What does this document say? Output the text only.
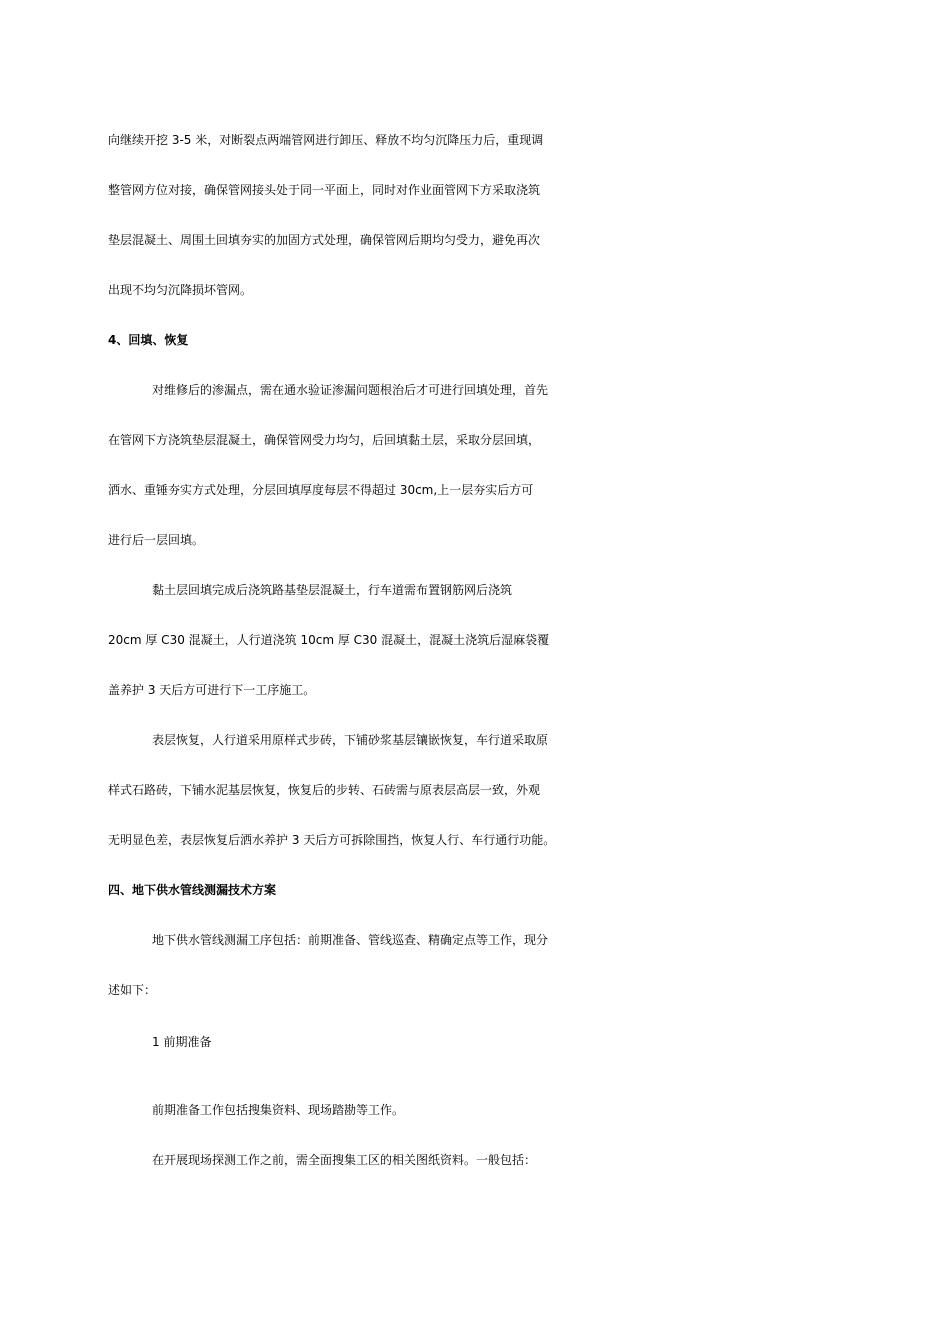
向继续开挖 3-5 米，对断裂点两端管网进行卸压、释放不均匀沉降压力后，重现调
整管网方位对接，确保管网接头处于同一平面上，同时对作业面管网下方采取浇筑
垫层混凝土、周围土回填夯实的加固方式处理，确保管网后期均匀受力，避免再次
出现不均匀沉降损坏管网。
4、回填、恢复
对维修后的渗漏点，需在通水验证渗漏问题根治后才可进行回填处理，首先
在管网下方浇筑垫层混凝土，确保管网受力均匀，后回填黏土层，采取分层回填，
洒水、重锤夯实方式处理，分层回填厚度每层不得超过 30cm,上一层夯实后方可
进行后一层回填。
黏土层回填完成后浇筑路基垫层混凝土，行车道需布置钢筋网后浇筑
20cm 厚 C30 混凝土，人行道浇筑 10cm 厚 C30 混凝土，混凝土浇筑后湿麻袋覆
盖养护 3 天后方可进行下一工序施工。
表层恢复，人行道采用原样式步砖，下铺砂浆基层镶嵌恢复，车行道采取原
样式石路砖，下铺水泥基层恢复，恢复后的步转、石砖需与原表层高层一致，外观
无明显色差，表层恢复后洒水养护 3 天后方可拆除围挡，恢复人行、车行通行功能。
四、地下供水管线测漏技术方案
地下供水管线测漏工序包括：前期准备、管线巡查、精确定点等工作，现分
述如下：
1 前期准备
前期准备工作包括搜集资料、现场踏勘等工作。
在开展现场探测工作之前，需全面搜集工区的相关图纸资料。一般包括：
